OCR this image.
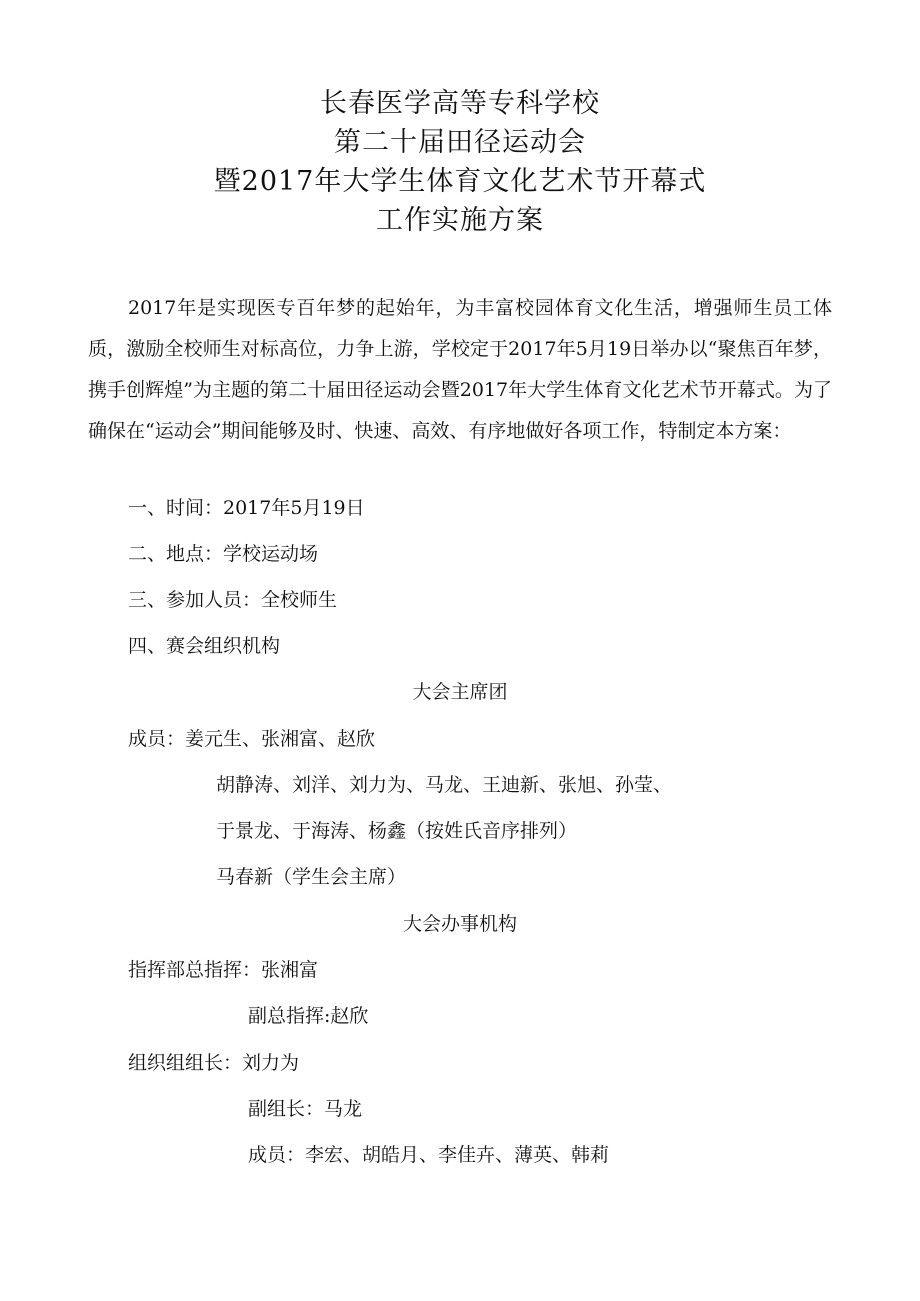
长春医学高等专科学校
第二十届田径运动会
暨2017年大学生体育文化艺术节开幕式
工作实施方案

2017年是实现医专百年梦的起始年，为丰富校园体育文化生活，增强师生员工体质，激励全校师生对标高位，力争上游，学校定于2017年5月19日举办以“聚焦百年梦，携手创辉煌”为主题的第二十届田径运动会暨2017年大学生体育文化艺术节开幕式。为了确保在“运动会”期间能够及时、快速、高效、有序地做好各项工作，特制定本方案：

一、时间：2017年5月19日
二、地点：学校运动场
三、参加人员：全校师生
四、赛会组织机构
大会主席团
成员：姜元生、张湘富、赵欣
胡静涛、刘洋、刘力为、马龙、王迪新、张旭、孙莹、
于景龙、于海涛、杨鑫（按姓氏音序排列）
马春新（学生会主席）
大会办事机构
指挥部总指挥：张湘富
副总指挥:赵欣
组织组组长：刘力为
副组长：马龙
成员：李宏、胡皓月、李佳卉、薄英、韩莉
